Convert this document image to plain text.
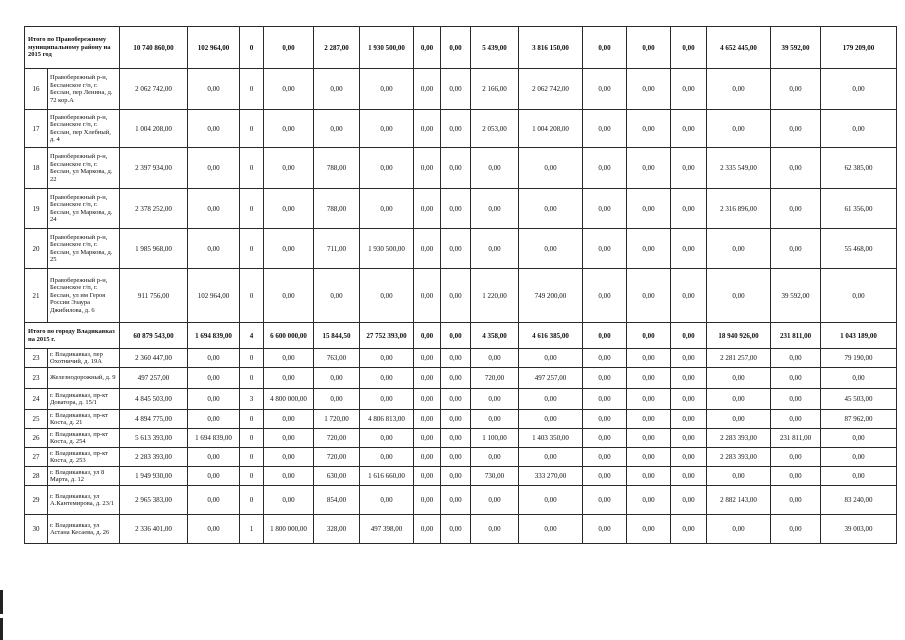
Итого по Правобережному муниципальному району на 2015 год		10 740 860,00	102 964,00	0	0,00	2 287,00	1 930 500,00	0,00	0,00	5 439,00	3 816 150,00	0,00	0,00	0,00	4 652 445,00	39 592,00	179 209,00
16	Правобережный р-н, Бесланское г/п, г. Беслан, пер Ленина, д. 72 кор.А	2 062 742,00	0,00	0	0,00	0,00	0,00	0,00	0,00	2 166,00	2 062 742,00	0,00	0,00	0,00	0,00	0,00	0,00
17	Правобережный р-н, Бесланское г/п, г. Беслан, пер Хлебный, д. 4	1 004 208,00	0,00	0	0,00	0,00	0,00	0,00	0,00	2 053,00	1 004 208,00	0,00	0,00	0,00	0,00	0,00	0,00
18	Правобережный р-н, Бесланское г/п, г. Беслан, ул Маркова, д. 22	2 397 934,00	0,00	0	0,00	788,00	0,00	0,00	0,00	0,00	0,00	0,00	0,00	0,00	2 335 549,00	0,00	62 385,00
19	Правобережный р-н, Бесланское г/п, г. Беслан, ул Маркова, д. 24	2 378 252,00	0,00	0	0,00	788,00	0,00	0,00	0,00	0,00	0,00	0,00	0,00	0,00	2 316 896,00	0,00	61 356,00
20	Правобережный р-н, Бесланское г/п, г. Беслан, ул Маркова, д. 25	1 985 968,00	0,00	0	0,00	711,00	1 930 500,00	0,00	0,00	0,00	0,00	0,00	0,00	0,00	0,00	0,00	55 468,00
21	Правобережный р-н, Бесланское г/п, г. Беслан, ул им Героя России Эзаура Джибилова, д. 6	911 756,00	102 964,00	0	0,00	0,00	0,00	0,00	0,00	1 220,00	749 200,00	0,00	0,00	0,00	0,00	39 592,00	0,00
Итого по городу Владикавказ на 2015 г.		60 879 543,00	1 694 839,00	4	6 600 000,00	15 844,50	27 752 393,00	0,00	0,00	4 358,00	4 616 385,00	0,00	0,00	0,00	18 940 926,00	231 811,00	1 043 189,00
23	г. Владикавказ, пер Охотничий, д. 19А	2 360 447,00	0,00	0	0,00	763,00	0,00	0,00	0,00	0,00	0,00	0,00	0,00	0,00	2 281 257,00	0,00	79 190,00
23	Железнодорожный, д. 9	497 257,00	0,00	0	0,00	0,00	0,00	0,00	0,00	720,00	497 257,00	0,00	0,00	0,00	0,00	0,00	0,00
24	г. Владикавказ, пр-кт Доватора, д. 15/1	4 845 503,00	0,00	3	4 800 000,00	0,00	0,00	0,00	0,00	0,00	0,00	0,00	0,00	0,00	0,00	0,00	45 503,00
25	г. Владикавказ, пр-кт Коста, д. 21	4 894 775,00	0,00	0	0,00	1 720,00	4 806 813,00	0,00	0,00	0,00	0,00	0,00	0,00	0,00	0,00	0,00	87 962,00
26	г. Владикавказ, пр-кт Коста, д. 254	5 613 393,00	1 694 839,00	0	0,00	720,00	0,00	0,00	0,00	1 100,00	1 403 350,00	0,00	0,00	0,00	2 283 393,00	231 811,00	0,00
27	г. Владикавказ, пр-кт Коста, д. 253	2 283 393,00	0,00	0	0,00	720,00	0,00	0,00	0,00	0,00	0,00	0,00	0,00	0,00	2 283 393,00	0,00	0,00
28	г. Владикавказ, ул 8 Марта, д. 12	1 949 930,00	0,00	0	0,00	630,00	1 616 660,00	0,00	0,00	730,00	333 270,00	0,00	0,00	0,00	0,00	0,00	0,00
29	г. Владикавказ, ул А.Кантемирова, д. 23/1	2 965 383,00	0,00	0	0,00	854,00	0,00	0,00	0,00	0,00	0,00	0,00	0,00	0,00	2 882 143,00	0,00	83 240,00
30	г. Владикавказ, ул Астана Кесаева, д. 26	2 336 401,00	0,00	1	1 800 000,00	328,00	497 398,00	0,00	0,00	0,00	0,00	0,00	0,00	0,00	0,00	0,00	39 003,00
